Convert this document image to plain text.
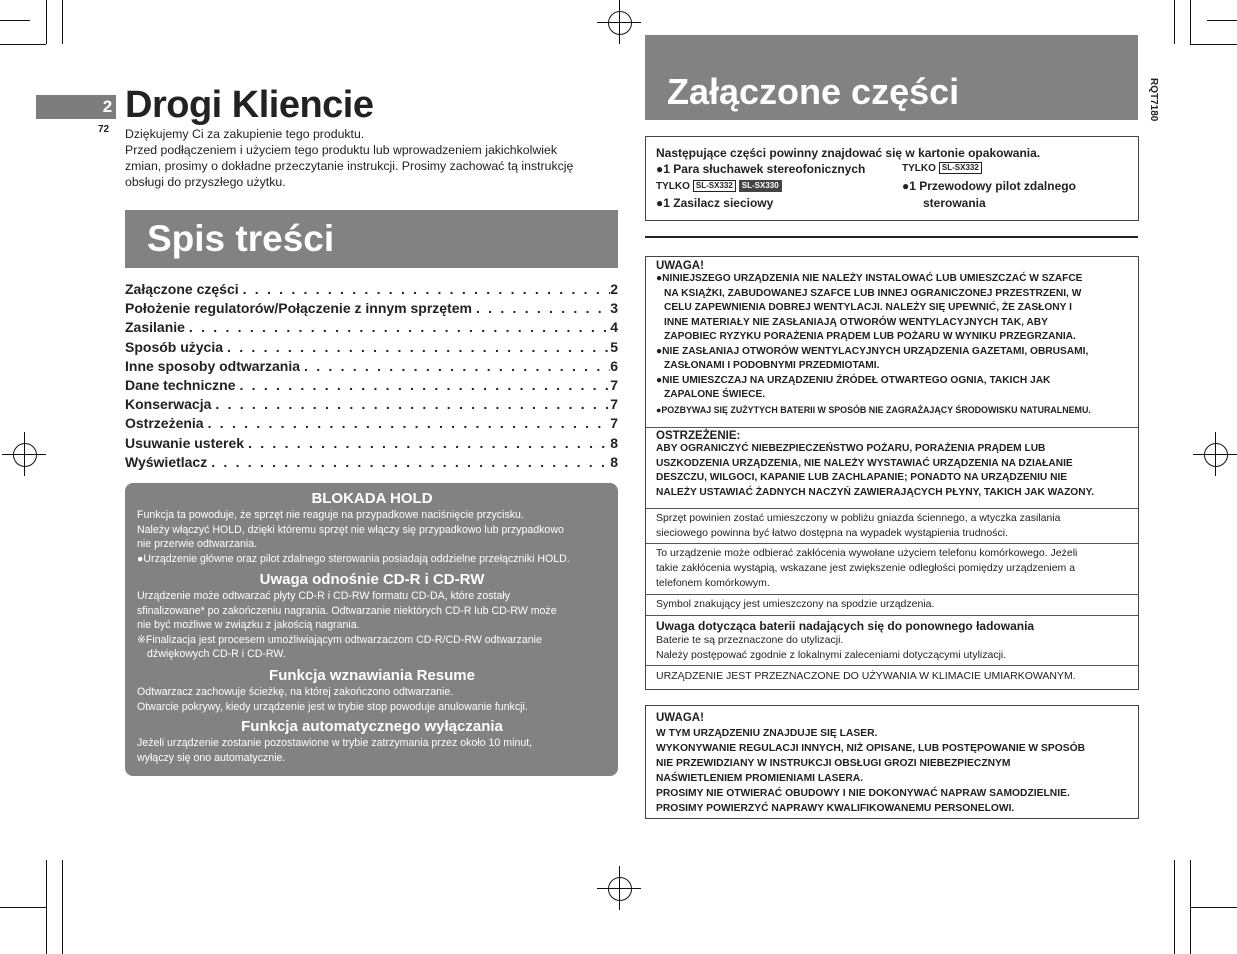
2
72
Drogi Kliencie
Dziękujemy Ci za zakupienie tego produktu.
Przed podłączeniem i użyciem tego produktu lub wprowadzeniem jakichkolwiek
zmian, prosimy o dokładne przeczytanie instrukcji. Prosimy zachować tą instrukcję
obsługi do przyszłego użytku.
Spis treści
Załączone części . . .	2
Położenie regulatorów/Połączenie z innym sprzętem . . .	3
Zasilanie . . .	4
Sposób użycia . . .	5
Inne sposoby odtwarzania . . .	6
Dane techniczne . . .	7
Konserwacja . . .	7
Ostrzeżenia . . .	7
Usuwanie usterek . . .	8
Wyświetlacz . . .	8
BLOKADA HOLD
Funkcja ta powoduje, że sprzęt nie reaguje na przypadkowe naciśnięcie przycisku.
Należy włączyć HOLD, dzięki któremu sprzęt nie włączy się przypadkowo lub przypadkowo
nie przerwie odtwarzania.
●Urządzenie główne oraz pilot zdalnego sterowania posiadają oddzielne przełączniki HOLD.
Uwaga odnośnie CD-R i CD-RW
Urządzenie może odtwarzać płyty CD-R i CD-RW formatu CD-DA, które zostały
sfinalizowane* po zakończeniu nagrania. Odtwarzanie niektórych CD-R lub CD-RW może
nie być możliwe w związku z jakością nagrania.
※Finalizacja jest procesem umożliwiającym odtwarzaczom CD-R/CD-RW odtwarzanie
dźwiękowych CD-R i CD-RW.
Funkcja wznawiania Resume
Odtwarzacz zachowuje ścieżkę, na której zakończono odtwarzanie.
Otwarcie pokrywy, kiedy urządzenie jest w trybie stop powoduje anulowanie funkcji.
Funkcja automatycznego wyłączania
Jeżeli urządzenie zostanie pozostawione w trybie zatrzymania przez około 10 minut,
wyłączy się ono automatycznie.
Załączone części	RQT7180
Następujące części powinny znajdować się w kartonie opakowania.
●1 Para słuchawek stereofonicznych
TYLKO SL-SX332 SL-SX330
●1 Zasilacz sieciowy
TYLKO SL-SX332
●1 Przewodowy pilot zdalnego
sterowania
UWAGA!
●NINIEJSZEGO URZĄDZENIA NIE NALEŻY INSTALOWAĆ LUB UMIESZCZAĆ W SZAFCE
NA KSIĄŻKI, ZABUDOWANEJ SZAFCE LUB INNEJ OGRANICZONEJ PRZESTRZENI, W
CELU ZAPEWNIENIA DOBREJ WENTYLACJI. NALEŻY SIĘ UPEWNIĆ, ŻE ZASŁONY I
INNE MATERIAŁY NIE ZASŁANIAJĄ OTWORÓW WENTYLACYJNYCH TAK, ABY
ZAPOBIEC RYZYKU PORAŻENIA PRĄDEM LUB POŻARU W WYNIKU PRZEGRZANIA.
●NIE ZASŁANIAJ OTWORÓW WENTYLACYJNYCH URZĄDZENIA GAZETAMI, OBRUSAMI,
ZASŁONAMI I PODOBNYMI PRZEDMIOTAMI.
●NIE UMIESZCZAJ NA URZĄDZENIU ŹRÓDEŁ OTWARTEGO OGNIA, TAKICH JAK
ZAPALONE ŚWIECE.
●POZBYWAJ SIĘ ZUŻYTYCH BATERII W SPOSÓB NIE ZAGRAŻAJĄCY ŚRODOWISKU NATURALNEMU.
OSTRZEŻENIE:
ABY OGRANICZYĆ NIEBEZPIECZEŃSTWO POŻARU, PORAŻENIA PRĄDEM LUB
USZKODZENIA URZĄDZENIA, NIE NALEŻY WYSTAWIAĆ URZĄDZENIA NA DZIAŁANIE
DESZCZU, WILGOCI, KAPANIE LUB ZACHLAPANIE; PONADTO NA URZĄDZENIU NIE
NALEŻY USTAWIAĆ ŻADNYCH NACZYŃ ZAWIERAJĄCYCH PŁYNY, TAKICH JAK WAZONY.
Sprzęt powinien zostać umieszczony w pobliżu gniazda ściennego, a wtyczka zasilania
sieciowego powinna być łatwo dostępna na wypadek wystąpienia trudności.
To urządzenie może odbierać zakłócenia wywołane użyciem telefonu komórkowego. Jeżeli
takie zakłócenia wystąpią, wskazane jest zwiększenie odległości pomiędzy urządzeniem a
telefonem komórkowym.
Symbol znakujący jest umieszczony na spodzie urządzenia.
Uwaga dotycząca baterii nadających się do ponownego ładowania
Baterie te są przeznaczone do utylizacji.
Należy postępować zgodnie z lokalnymi zaleceniami dotyczącymi utylizacji.
URZĄDZENIE JEST PRZEZNACZONE DO UŻYWANIA W KLIMACIE UMIARKOWANYM.
UWAGA!
W TYM URZĄDZENIU ZNAJDUJE SIĘ LASER.
WYKONYWANIE REGULACJI INNYCH, NIŻ OPISANE, LUB POSTĘPOWANIE W SPOSÓB
NIE PRZEWIDZIANY W INSTRUKCJI OBSŁUGI GROZI NIEBEZPIECZNYM
NAŚWIETLENIEM PROMIENIAMI LASERA.
PROSIMY NIE OTWIERAĆ OBUDOWY I NIE DOKONYWAĆ NAPRAW SAMODZIELNIE.
PROSIMY POWIERZYĆ NAPRAWY KWALIFIKOWANEMU PERSONELOWI.
